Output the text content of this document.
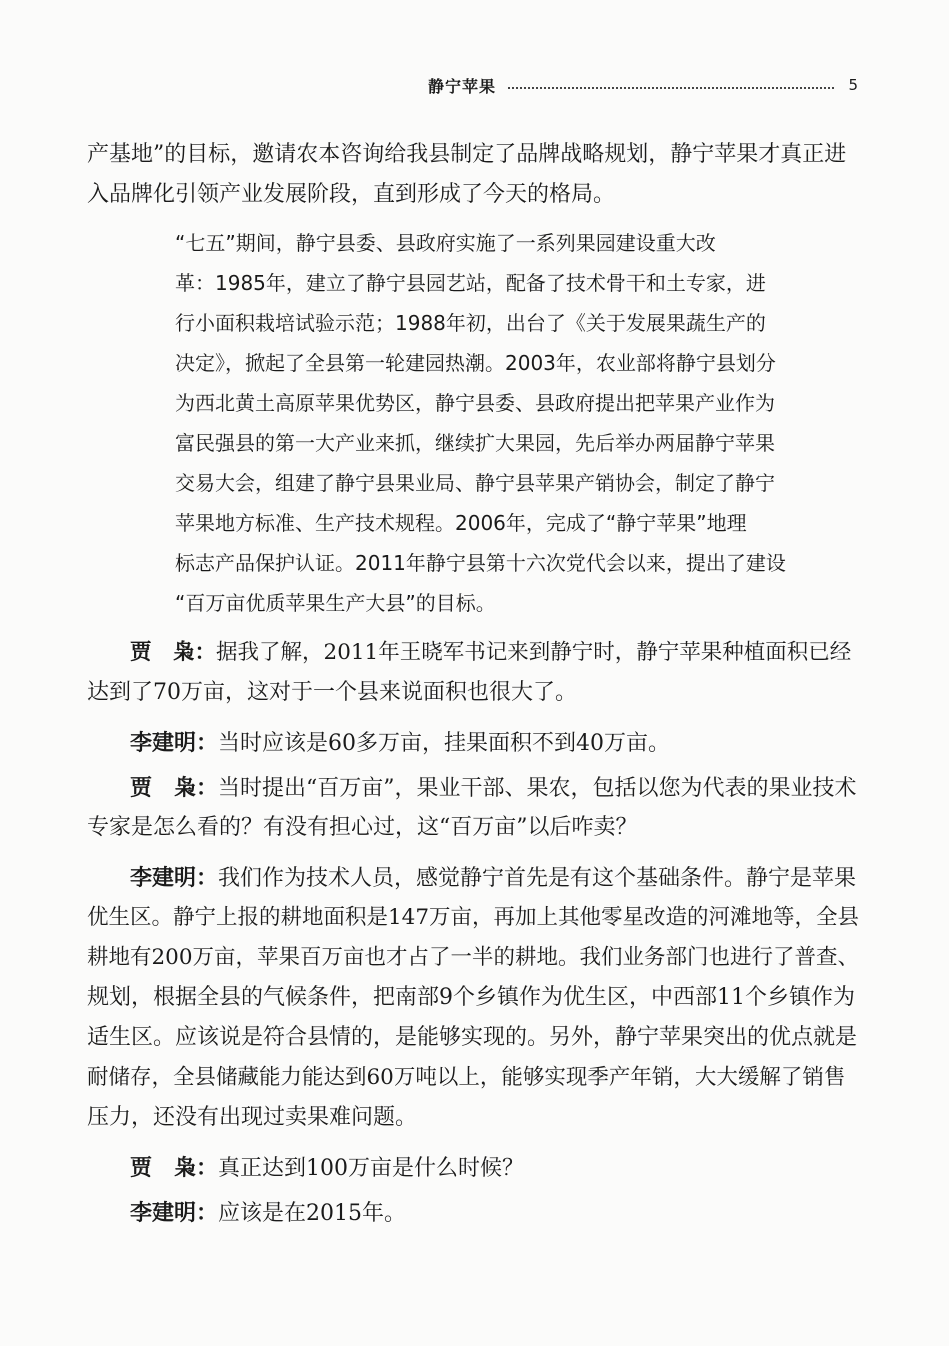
静宁苹果	5
产基地”的目标，邀请农本咨询给我县制定了品牌战略规划，静宁苹果才真正进
入品牌化引领产业发展阶段，直到形成了今天的格局。
“七五”期间，静宁县委、县政府实施了一系列果园建设重大改
革：1985年，建立了静宁县园艺站，配备了技术骨干和土专家，进
行小面积栽培试验示范；1988年初，出台了《关于发展果蔬生产的
决定》，掀起了全县第一轮建园热潮。2003年，农业部将静宁县划分
为西北黄土高原苹果优势区，静宁县委、县政府提出把苹果产业作为
富民强县的第一大产业来抓，继续扩大果园，先后举办两届静宁苹果
交易大会，组建了静宁县果业局、静宁县苹果产销协会，制定了静宁
苹果地方标准、生产技术规程。2006年，完成了“静宁苹果”地理
标志产品保护认证。2011年静宁县第十六次党代会以来，提出了建设
“百万亩优质苹果生产大县”的目标。
贾　枭：据我了解，2011年王晓军书记来到静宁时，静宁苹果种植面积已经
达到了70万亩，这对于一个县来说面积也很大了。
李建明：当时应该是60多万亩，挂果面积不到40万亩。
贾　枭：当时提出“百万亩”，果业干部、果农，包括以您为代表的果业技术
专家是怎么看的？有没有担心过，这“百万亩”以后咋卖？
李建明：我们作为技术人员，感觉静宁首先是有这个基础条件。静宁是苹果
优生区。静宁上报的耕地面积是147万亩，再加上其他零星改造的河滩地等，全县
耕地有200万亩，苹果百万亩也才占了一半的耕地。我们业务部门也进行了普查、
规划，根据全县的气候条件，把南部9个乡镇作为优生区，中西部11个乡镇作为
适生区。应该说是符合县情的，是能够实现的。另外，静宁苹果突出的优点就是
耐储存，全县储藏能力能达到60万吨以上，能够实现季产年销，大大缓解了销售
压力，还没有出现过卖果难问题。
贾　枭：真正达到100万亩是什么时候？
李建明：应该是在2015年。
